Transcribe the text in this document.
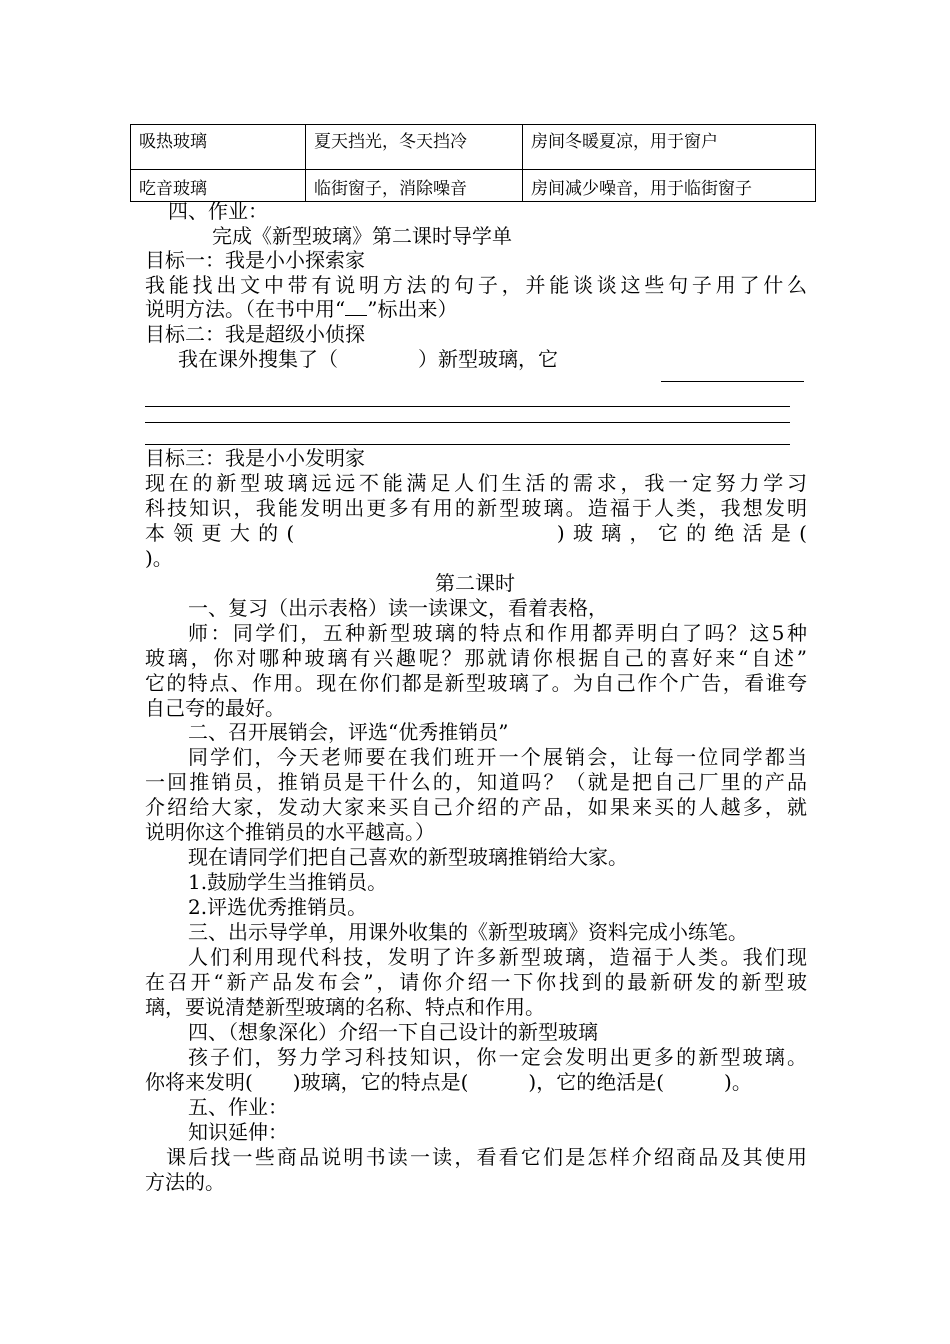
吸热玻璃	夏天挡光，冬天挡冷	房间冬暖夏凉，用于窗户
吃音玻璃	临街窗子，消除噪音	房间减少噪音，用于临街窗子
四、作业：
完成《新型玻璃》第二课时导学单
目标一：我是小小探索家
我能找出文中带有说明方法的句子，并能谈谈这些句子用了什么
说明方法。（在书中用“ ”标出来）
目标二：我是超级小侦探
我在课外搜集了（　　　　）新型玻璃，它
目标三：我是小小发明家
现在的新型玻璃远远不能满足人们生活的需求，我一定努力学习
科技知识，我能发明出更多有用的新型玻璃。造福于人类，我想发明
本领更大的(　　　　　　　　　)玻璃，它的绝活是(
)。
第二课时
一、复习（出示表格）读一读课文，看着表格，
师：同学们，五种新型玻璃的特点和作用都弄明白了吗？这5种
玻璃，你对哪种玻璃有兴趣呢？那就请你根据自己的喜好来“自述”
它的特点、作用。现在你们都是新型玻璃了。为自己作个广告，看谁夸
自己夸的最好。
二、召开展销会，评选“优秀推销员”
同学们，今天老师要在我们班开一个展销会，让每一位同学都当
一回推销员，推销员是干什么的，知道吗？（就是把自己厂里的产品
介绍给大家，发动大家来买自己介绍的产品，如果来买的人越多，就
说明你这个推销员的水平越高。）
现在请同学们把自己喜欢的新型玻璃推销给大家。
1.鼓励学生当推销员。
2.评选优秀推销员。
三、出示导学单，用课外收集的《新型玻璃》资料完成小练笔。
人们利用现代科技，发明了许多新型玻璃，造福于人类。我们现
在召开“新产品发布会”，请你介绍一下你找到的最新研发的新型玻
璃，要说清楚新型玻璃的名称、特点和作用。
四、（想象深化）介绍一下自己设计的新型玻璃
孩子们，努力学习科技知识，你一定会发明出更多的新型玻璃。
你将来发明(　　)玻璃，它的特点是(　　　)，它的绝活是(　　　)。
五、作业：
知识延伸：
课后找一些商品说明书读一读，看看它们是怎样介绍商品及其使用
方法的。
